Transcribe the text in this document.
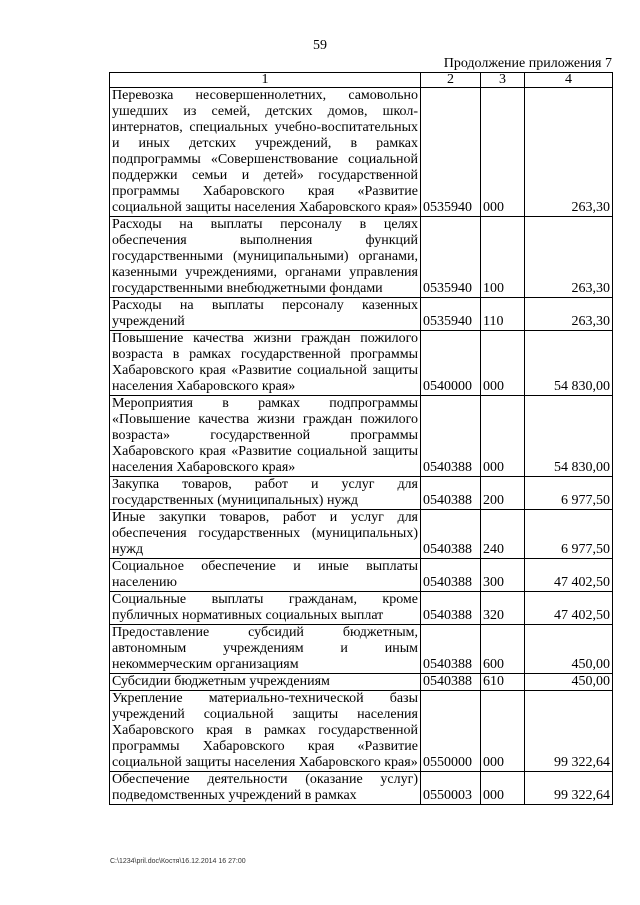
59
Продолжение приложения 7
1	2	3	4
Перевозка несовершеннолетних, самовольно ушедших из семей, детских домов, школ-интернатов, специальных учебно-воспитательных и иных детских учреждений, в рамках подпрограммы «Совершенствование социальной поддержки семьи и детей» государственной программы Хабаровского края «Развитие социальной защиты населения Хабаровского края»	0535940	000	263,30
Расходы на выплаты персоналу в целях обеспечения выполнения функций государственными (муниципальными) органами, казенными учреждениями, органами управления государственными внебюджетными фондами	0535940	100	263,30
Расходы на выплаты персоналу казенных учреждений	0535940	110	263,30
Повышение качества жизни граждан пожилого возраста в рамках государственной программы Хабаровского края «Развитие социальной защиты населения Хабаровского края»	0540000	000	54 830,00
Мероприятия в рамках подпрограммы «Повышение качества жизни граждан пожилого возраста» государственной программы Хабаровского края «Развитие социальной защиты населения Хабаровского края»	0540388	000	54 830,00
Закупка товаров, работ и услуг для государственных (муниципальных) нужд	0540388	200	6 977,50
Иные закупки товаров, работ и услуг для обеспечения государственных (муниципальных) нужд	0540388	240	6 977,50
Социальное обеспечение и иные выплаты населению	0540388	300	47 402,50
Социальные выплаты гражданам, кроме публичных нормативных социальных выплат	0540388	320	47 402,50
Предоставление субсидий бюджетным, автономным учреждениям и иным некоммерческим организациям	0540388	600	450,00
Субсидии бюджетным учреждениям	0540388	610	450,00
Укрепление материально-технической базы учреждений социальной защиты населения Хабаровского края в рамках государственной программы Хабаровского края «Развитие социальной защиты населения Хабаровского края»	0550000	000	99 322,64
Обеспечение деятельности (оказание услуг) подведомственных учреждений в рамках	0550003	000	99 322,64
C:\1234\pril.doc\Костя\16.12.2014 16 27:00
